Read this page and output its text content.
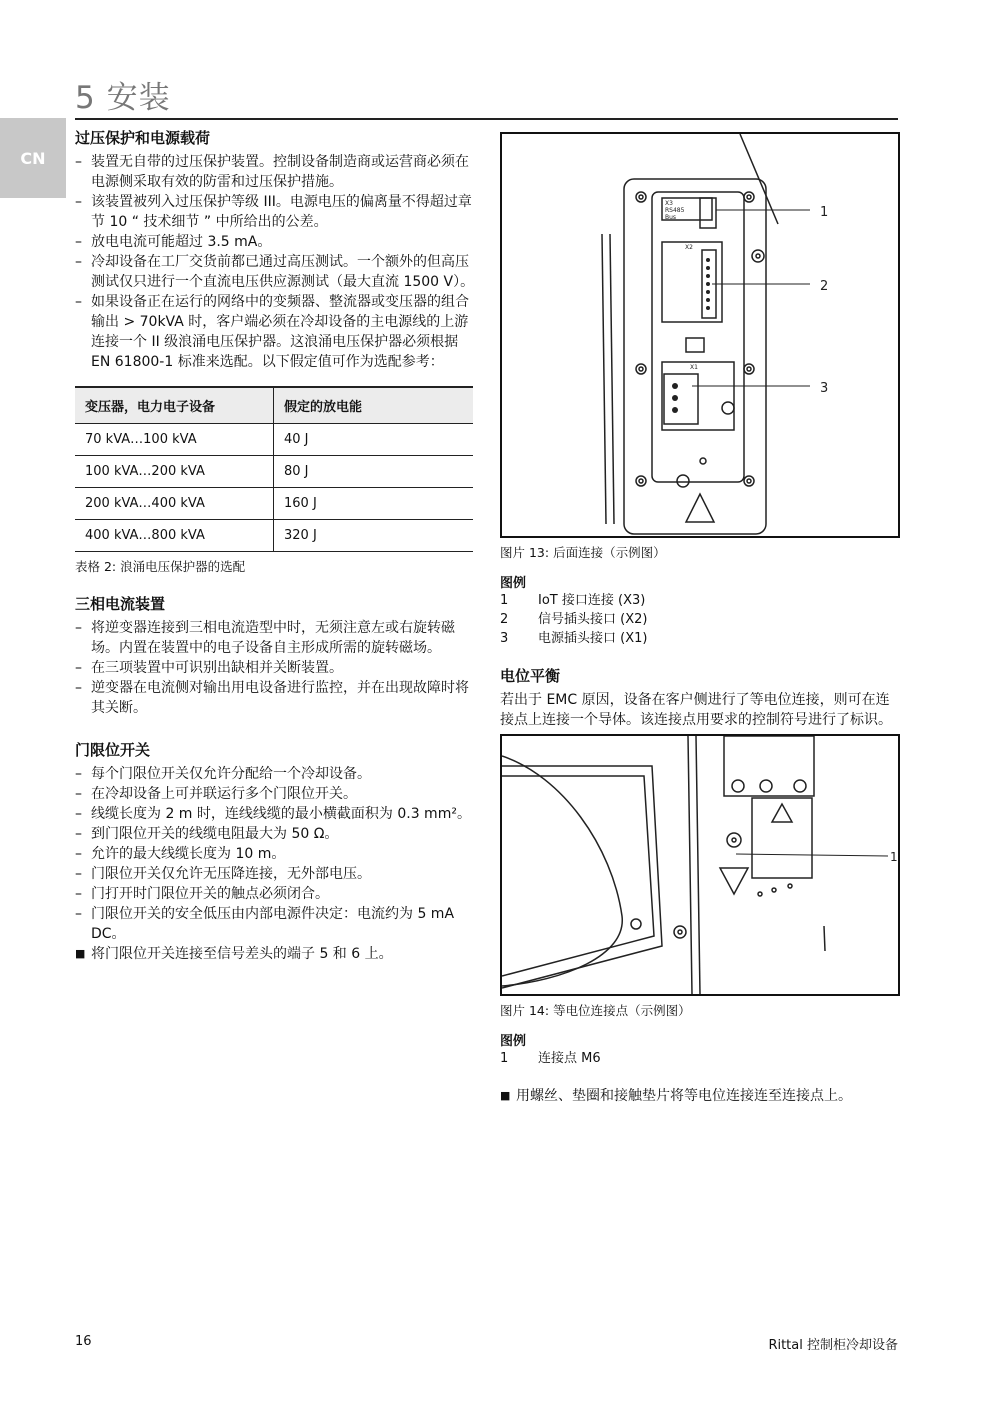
5 安装
CN
过压保护和电源载荷
– 装置无自带的过压保护装置。控制设备制造商或运营商必须在电源侧采取有效的防雷和过压保护措施。
– 该装置被列入过压保护等级 III。电源电压的偏离量不得超过章节 10 “ 技术细节 ” 中所给出的公差。
– 放电电流可能超过 3.5 mA。
– 冷却设备在工厂交货前都已通过高压测试。一个额外的但高压测试仅只进行一个直流电压供应源测试（最大直流 1500 V）。
– 如果设备正在运行的网络中的变频器、整流器或变压器的组合输出 > 70kVA 时，客户端必须在冷却设备的主电源线的上游连接一个 II 级浪涌电压保护器。这浪涌电压保护器必须根据 EN 61800-1 标准来选配。以下假定值可作为选配参考：
变压器，电力电子设备	假定的放电能
70 kVA…100 kVA	40 J
100 kVA…200 kVA	80 J
200 kVA…400 kVA	160 J
400 kVA…800 kVA	320 J
表格 2: 浪涌电压保护器的选配
三相电流装置
– 将逆变器连接到三相电流造型中时，无须注意左或右旋转磁场。内置在装置中的电子设备自主形成所需的旋转磁场。
– 在三项装置中可识别出缺相并关断装置。
– 逆变器在电流侧对输出用电设备进行监控，并在出现故障时将其关断。
门限位开关
– 每个门限位开关仅允许分配给一个冷却设备。
– 在冷却设备上可并联运行多个门限位开关。
– 线缆长度为 2 m 时，连线线缆的最小横截面积为 0.3 mm²。
– 到门限位开关的线缆电阻最大为 50 Ω。
– 允许的最大线缆长度为 10 m。
– 门限位开关仅允许无压降连接，无外部电压。
– 门打开时门限位开关的触点必须闭合。
– 门限位开关的安全低压由内部电源件决定：电流约为 5 mA DC。
■ 将门限位开关连接至信号差头的端子 5 和 6 上。
X3
RS485
Bus
X2
X1
1
2
3
图片 13: 后面连接（示例图）
图例
1	IoT 接口连接 (X3)
2	信号插头接口 (X2)
3	电源插头接口 (X1)
电位平衡

若出于 EMC 原因，设备在客户侧进行了等电位连接，则可在连接点上连接一个导体。该连接点用要求的控制符号进行了标识。

1
图片 14: 等电位连接点（示例图）
图例
1	连接点 M6
■ 用螺丝、垫圈和接触垫片将等电位连接连至连接点上。
16	Rittal 控制柜冷却设备
